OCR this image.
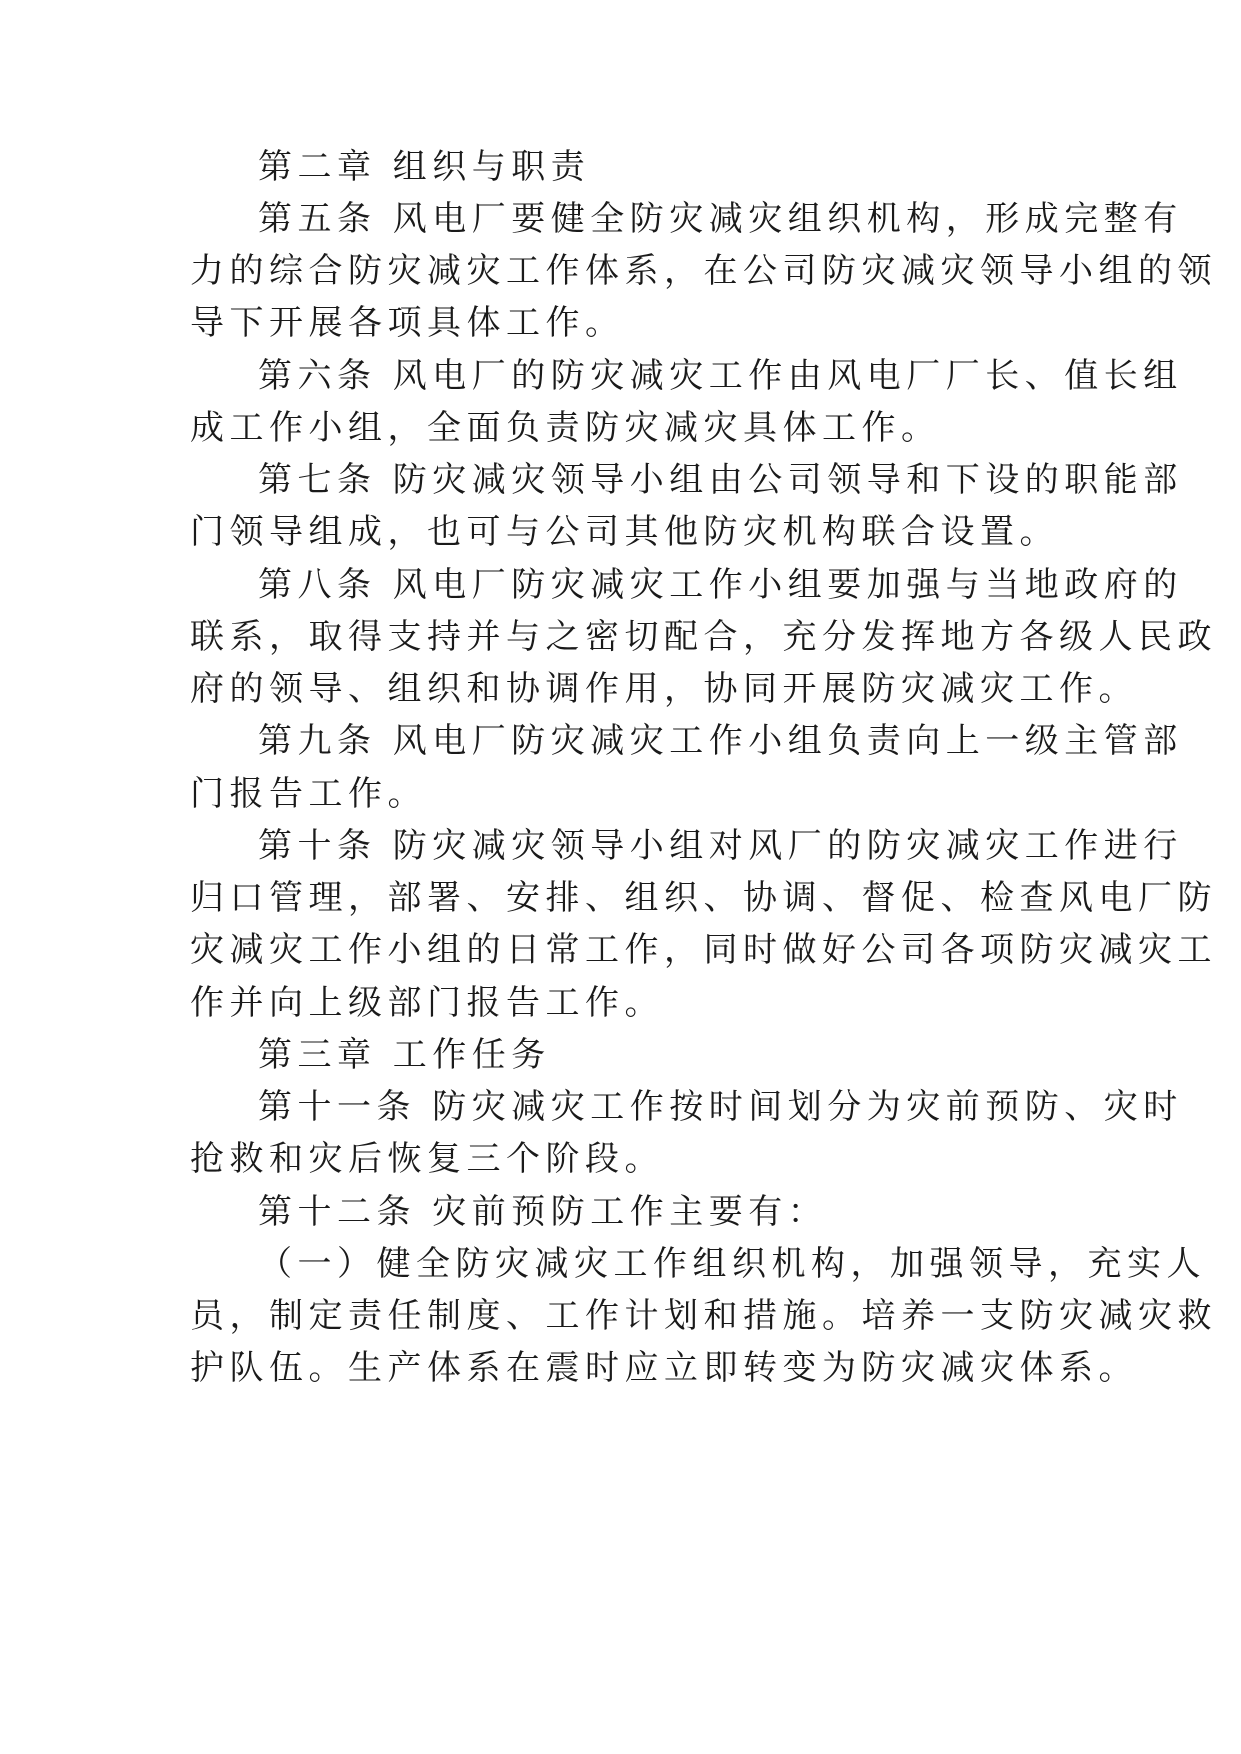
第二章 组织与职责
第五条 风电厂要健全防灾减灾组织机构，形成完整有
力的综合防灾减灾工作体系，在公司防灾减灾领导小组的领
导下开展各项具体工作。
第六条 风电厂的防灾减灾工作由风电厂厂长、值长组
成工作小组，全面负责防灾减灾具体工作。
第七条 防灾减灾领导小组由公司领导和下设的职能部
门领导组成，也可与公司其他防灾机构联合设置。
第八条 风电厂防灾减灾工作小组要加强与当地政府的
联系，取得支持并与之密切配合，充分发挥地方各级人民政
府的领导、组织和协调作用，协同开展防灾减灾工作。
第九条 风电厂防灾减灾工作小组负责向上一级主管部
门报告工作。
第十条 防灾减灾领导小组对风厂的防灾减灾工作进行
归口管理，部署、安排、组织、协调、督促、检查风电厂防
灾减灾工作小组的日常工作，同时做好公司各项防灾减灾工
作并向上级部门报告工作。
第三章 工作任务
第十一条 防灾减灾工作按时间划分为灾前预防、灾时
抢救和灾后恢复三个阶段。
第十二条 灾前预防工作主要有：
（一）健全防灾减灾工作组织机构，加强领导，充实人
员，制定责任制度、工作计划和措施。培养一支防灾减灾救
护队伍。生产体系在震时应立即转变为防灾减灾体系。
